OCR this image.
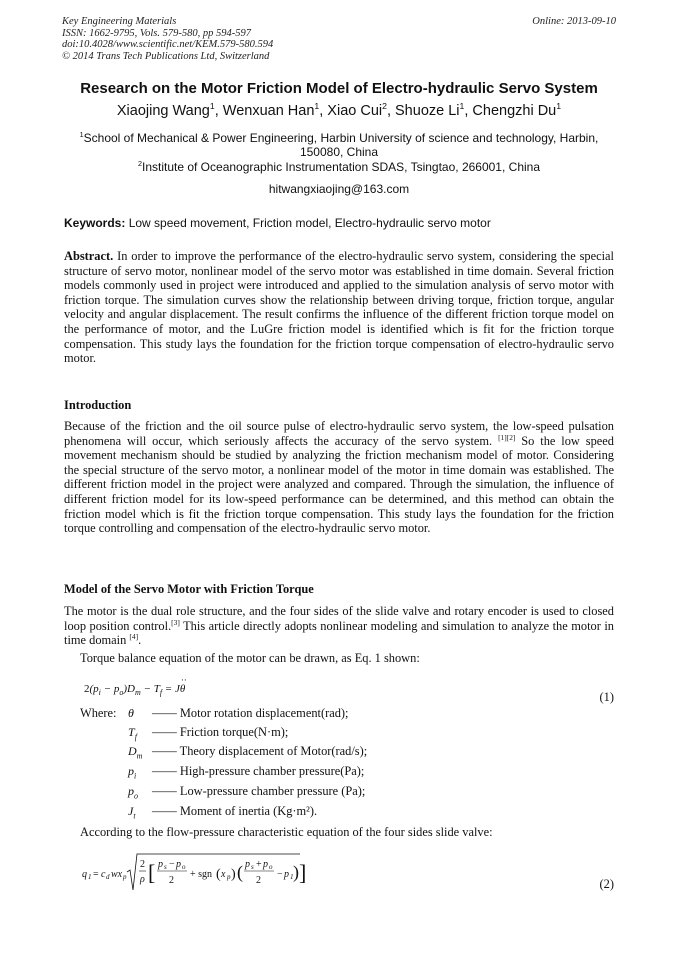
Key Engineering Materials
ISSN: 1662-9795, Vols. 579-580, pp 594-597
doi:10.4028/www.scientific.net/KEM.579-580.594
© 2014 Trans Tech Publications Ltd, Switzerland
Online: 2013-09-10
Research on the Motor Friction Model of Electro-hydraulic Servo System
Xiaojing Wang$^1$, Wenxuan Han$^1$, Xiao Cui$^2$, Shuoze Li$^1$, Chengzhi Du$^1$
$^1$School of Mechanical & Power Engineering, Harbin University of science and technology, Harbin,
150080, China
$^2$Institute of Oceanographic Instrumentation SDAS, Tsingtao, 266001, China
hitwangxiaojing@163.com
Keywords: Low speed movement, Friction model, Electro-hydraulic servo motor
Abstract. In order to improve the performance of the electro-hydraulic servo system, considering the special structure of servo motor, nonlinear model of the servo motor was established in time domain. Several friction models commonly used in project were introduced and applied to the simulation analysis of servo motor with friction torque. The simulation curves show the relationship between driving torque, friction torque, angular velocity and angular displacement. The result confirms the influence of the different friction torque model on the performance of motor, and the LuGre friction model is identified which is fit for the friction torque compensation. This study lays the foundation for the friction torque compensation of electro-hydraulic servo motor.
Introduction
Because of the friction and the oil source pulse of electro-hydraulic servo system, the low-speed pulsation phenomena will occur, which seriously affects the accuracy of the servo system. [1][2] So the low speed movement mechanism should be studied by analyzing the friction mechanism model of motor. Considering the special structure of the servo motor, a nonlinear model of the motor in time domain was established. The different friction model in the project were analyzed and compared. Through the simulation, the influence of different friction model for its low-speed performance can be determined, and this method can obtain the friction model which is fit the friction torque compensation. This study lays the foundation for the friction torque controlling and compensation of the electro-hydraulic servo motor.
Model of the Servo Motor with Friction Torque
The motor is the dual role structure, and the four sides of the slide valve and rotary encoder is used to closed loop position control.[3] This article directly adopts nonlinear modeling and simulation to analyze the motor in time domain [4].
Torque balance equation of the motor can be drawn, as Eq. 1 shown:
$2(p_i - p_o)D_m - T_f = J\theta$
··
(1)
Where: θ	—— Motor rotation displacement(rad);
$T_f$	—— Friction torque(N·m);
$D_m$ —— Theory displacement of Motor(rad/s);
$p_i$	—— High-pressure chamber pressure(Pa);
$p_o$	—— Low-pressure chamber pressure (Pa);
$J_t$	—— Moment of inertia (Kg·m²).
According to the flow-pressure characteristic equation of the four sides slide valve:
q 1 = c d wx p
2
ρ [ p s − p o
2
+ sgn ( x p ) ( p s + p o
2
− p 1 ) ]	(2)
